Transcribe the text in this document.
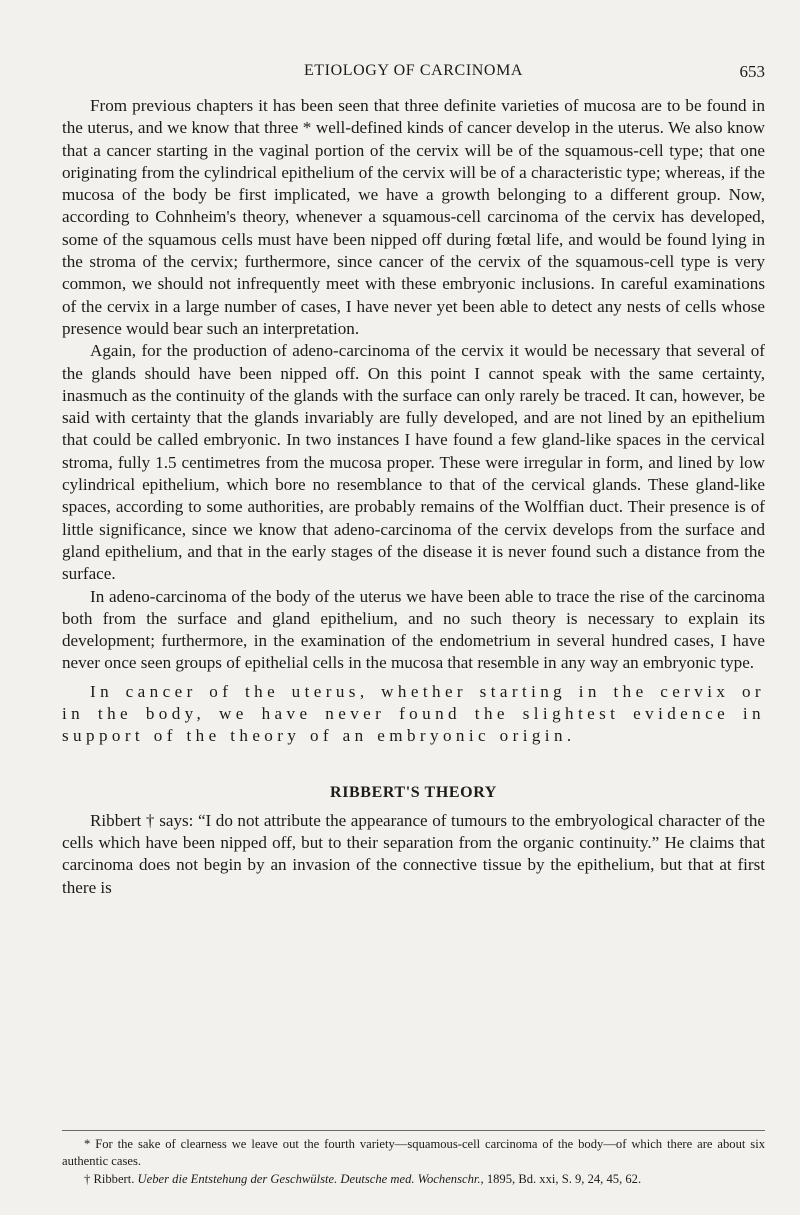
ETIOLOGY OF CARCINOMA	653

From previous chapters it has been seen that three definite varieties of mucosa are to be found in the uterus, and we know that three * well-defined kinds of cancer develop in the uterus. We also know that a cancer starting in the vaginal portion of the cervix will be of the squamous-cell type; that one originating from the cylindrical epithelium of the cervix will be of a characteristic type; whereas, if the mucosa of the body be first implicated, we have a growth belonging to a different group. Now, according to Cohnheim's theory, whenever a squamous-cell carcinoma of the cervix has developed, some of the squamous cells must have been nipped off during fœtal life, and would be found lying in the stroma of the cervix; furthermore, since cancer of the cervix of the squamous-cell type is very common, we should not infrequently meet with these embryonic inclusions. In careful examinations of the cervix in a large number of cases, I have never yet been able to detect any nests of cells whose presence would bear such an interpretation.

Again, for the production of adeno-carcinoma of the cervix it would be necessary that several of the glands should have been nipped off. On this point I cannot speak with the same certainty, inasmuch as the continuity of the glands with the surface can only rarely be traced. It can, however, be said with certainty that the glands invariably are fully developed, and are not lined by an epithelium that could be called embryonic. In two instances I have found a few gland-like spaces in the cervical stroma, fully 1.5 centimetres from the mucosa proper. These were irregular in form, and lined by low cylindrical epithelium, which bore no resemblance to that of the cervical glands. These gland-like spaces, according to some authorities, are probably remains of the Wolffian duct. Their presence is of little significance, since we know that adeno-carcinoma of the cervix develops from the surface and gland epithelium, and that in the early stages of the disease it is never found such a distance from the surface.

In adeno-carcinoma of the body of the uterus we have been able to trace the rise of the carcinoma both from the surface and gland epithelium, and no such theory is necessary to explain its development; furthermore, in the examination of the endometrium in several hundred cases, I have never once seen groups of epithelial cells in the mucosa that resemble in any way an embryonic type.

In cancer of the uterus, whether starting in the cervix or in the body, we have never found the slightest evidence in support of the theory of an embryonic origin.

RIBBERT'S THEORY

Ribbert † says: “I do not attribute the appearance of tumours to the embryological character of the cells which have been nipped off, but to their separation from the organic continuity.” He claims that carcinoma does not begin by an invasion of the connective tissue by the epithelium, but that at first there is

* For the sake of clearness we leave out the fourth variety—squamous-cell carcinoma of the body—of which there are about six authentic cases.

† Ribbert. Ueber die Entstehung der Geschwülste. Deutsche med. Wochenschr., 1895, Bd. xxi, S. 9, 24, 45, 62.
